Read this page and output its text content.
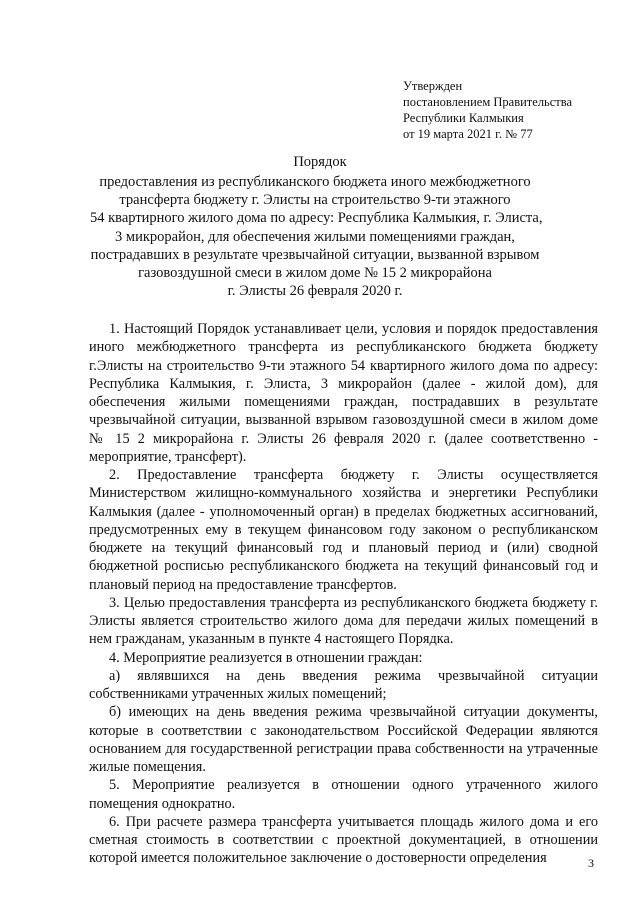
Утвержден
постановлением Правительства
Республики Калмыкия
от 19 марта 2021 г. № 77
Порядок
предоставления из республиканского бюджета иного межбюджетного
трансферта бюджету г. Элисты на строительство 9-ти этажного
54 квартирного жилого дома по адресу: Республика Калмыкия, г. Элиста,
3 микрорайон, для обеспечения жилыми помещениями граждан,
пострадавших в результате чрезвычайной ситуации, вызванной взрывом
газовоздушной смеси в жилом доме № 15 2 микрорайона
г. Элисты 26 февраля 2020 г.

1. Настоящий Порядок устанавливает цели, условия и порядок предоставления иного межбюджетного трансферта из республиканского бюджета бюджету г.Элисты на строительство 9-ти этажного 54 квартирного жилого дома по адресу: Республика Калмыкия, г. Элиста, 3 микрорайон (далее - жилой дом), для обеспечения жилыми помещениями граждан, пострадавших в результате чрезвычайной ситуации, вызванной взрывом газовоздушной смеси в жилом доме № 15 2 микрорайона г. Элисты 26 февраля 2020 г. (далее соответственно - мероприятие, трансферт).

2. Предоставление трансферта бюджету г. Элисты осуществляется Министерством жилищно-коммунального хозяйства и энергетики Республики Калмыкия (далее - уполномоченный орган) в пределах бюджетных ассигнований, предусмотренных ему в текущем финансовом году законом о республиканском бюджете на текущий финансовый год и плановый период и (или) сводной бюджетной росписью республиканского бюджета на текущий финансовый год и плановый период на предоставление трансфертов.

3. Целью предоставления трансферта из республиканского бюджета бюджету г. Элисты является строительство жилого дома для передачи жилых помещений в нем гражданам, указанным в пункте 4 настоящего Порядка.

4. Мероприятие реализуется в отношении граждан:

а) являвшихся на день введения режима чрезвычайной ситуации собственниками утраченных жилых помещений;

б) имеющих на день введения режима чрезвычайной ситуации документы, которые в соответствии с законодательством Российской Федерации являются основанием для государственной регистрации права собственности на утраченные жилые помещения.

5. Мероприятие реализуется в отношении одного утраченного жилого помещения однократно.

6. При расчете размера трансферта учитывается площадь жилого дома и его сметная стоимость в соответствии с проектной документацией, в отношении которой имеется положительное заключение о достоверности определения	3
